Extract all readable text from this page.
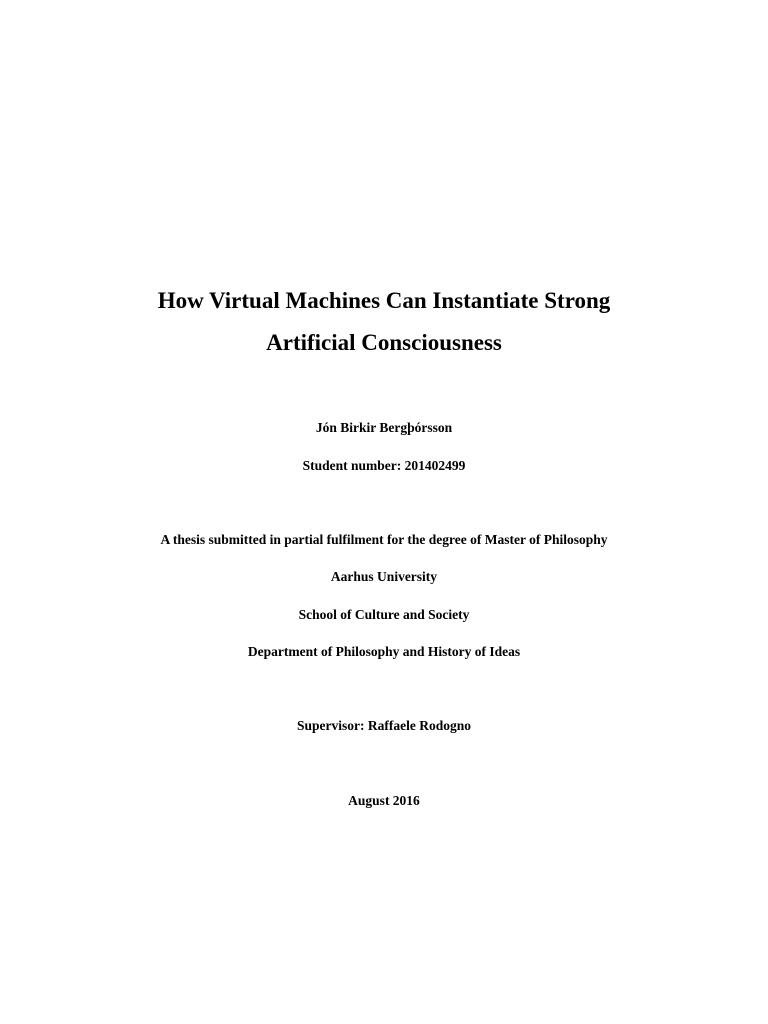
How Virtual Machines Can Instantiate Strong
Artificial Consciousness
Jón Birkir Bergþórsson
Student number: 201402499
A thesis submitted in partial fulfilment for the degree of Master of Philosophy
Aarhus University
School of Culture and Society
Department of Philosophy and History of Ideas
Supervisor: Raffaele Rodogno
August 2016
